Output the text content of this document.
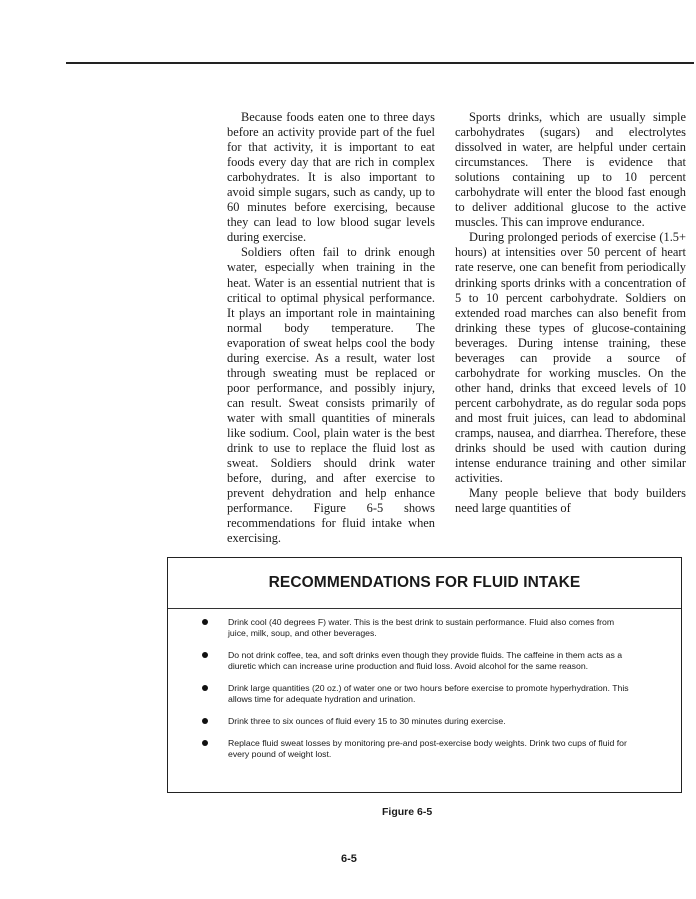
Because foods eaten one to three days before an activity provide part of the fuel for that activity, it is important to eat foods every day that are rich in complex carbohydrates. It is also important to avoid simple sugars, such as candy, up to 60 minutes before exercising, because they can lead to low blood sugar levels during exercise.

Soldiers often fail to drink enough water, especially when training in the heat. Water is an essential nutrient that is critical to optimal physical performance. It plays an important role in maintaining normal body temperature. The evaporation of sweat helps cool the body during exercise. As a result, water lost through sweating must be replaced or poor performance, and possibly injury, can result. Sweat consists primarily of water with small quantities of minerals like sodium. Cool, plain water is the best drink to use to replace the fluid lost as sweat. Soldiers should drink water before, during, and after exercise to prevent dehydration and help enhance performance. Figure 6-5 shows recommendations for fluid intake when exercising.

Sports drinks, which are usually simple carbohydrates (sugars) and electrolytes dissolved in water, are helpful under certain circumstances. There is evidence that solutions containing up to 10 percent carbohydrate will enter the blood fast enough to deliver additional glucose to the active muscles. This can improve endurance.

During prolonged periods of exercise (1.5+ hours) at intensities over 50 percent of heart rate reserve, one can benefit from periodically drinking sports drinks with a concentration of 5 to 10 percent carbohydrate. Soldiers on extended road marches can also benefit from drinking these types of glucose-containing beverages. During intense training, these beverages can provide a source of carbohydrate for working muscles. On the other hand, drinks that exceed levels of 10 percent carbohydrate, as do regular soda pops and most fruit juices, can lead to abdominal cramps, nausea, and diarrhea. Therefore, these drinks should be used with caution during intense endurance training and other similar activities.

Many people believe that body builders need large quantities of

RECOMMENDATIONS FOR FLUID INTAKE
Drink cool (40 degrees F) water. This is the best drink to sustain performance. Fluid also comes from juice, milk, soup, and other beverages.
Do not drink coffee, tea, and soft drinks even though they provide fluids. The caffeine in them acts as a diuretic which can increase urine production and fluid loss. Avoid alcohol for the same reason.
Drink large quantities (20 oz.) of water one or two hours before exercise to promote hyperhydration. This allows time for adequate hydration and urination.
Drink three to six ounces of fluid every 15 to 30 minutes during exercise.
Replace fluid sweat losses by monitoring pre-and post-exercise body weights. Drink two cups of fluid for every pound of weight lost.
Figure 6-5
6-5
